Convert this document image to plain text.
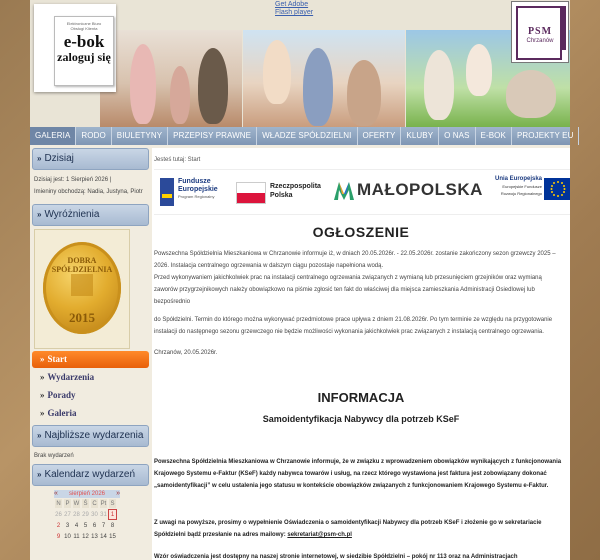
Get Adobe
Flash player
Elektroniczne Biuro
Obsługi Klienta
e-bok
zaloguj się
PSM
Chrzanów
GALERIA	RODO	BIULETYNY	PRZEPISY PRAWNE	WŁADZE SPÓŁDZIELNI	OFERTY	KLUBY	O NAS	E-BOK	PROJEKTY EU
» Dzisiaj
Dzisiaj jest: 1 Sierpień 2026 |
Imieniny obchodzą: Nadia, Justyna, Piotr
» Wyróżnienia
DOBRA SPÓŁDZIELNIA
2015
» Start
» Wydarzenia
» Porady
» Galeria
» Najbliższe wydarzenia
Brak wydarzeń
» Kalendarz wydarzeń
« sierpień 2026 »
N P W Ś C Pt S
26 27 28 29 30 31 1
2 3 4 5 6 7 8
9 10 11 12 13 14 15
Jesteś tutaj: Start
Fundusze
Europejskie
Program Regionalny
Rzeczpospolita
Polska	MAŁOPOLSKA
Unia Europejska
Europejskie Fundusze
Rozwoju Regionalnego
OGŁOSZENIE
Powszechna Spółdzielnia Mieszkaniowa w Chrzanowie informuje iż, w dniach 20.05.2026r. - 22.05.2026r. zostanie zakończony sezon grzewczy 2025 – 2026. Instalacja centralnego ogrzewania w dalszym ciągu pozostaje napełniona wodą.
Przed wykonywaniem jakichkolwiek prac na instalacji centralnego ogrzewania związanych z wymianą lub przesunięciem grzejników oraz wymianą zaworów przygrzejnikowych należy obowiązkowo na piśmie zgłosić ten fakt do właściwej dla miejsca zamieszkania Administracji Osiedlowej lub bezpośrednio
do Spółdzielni. Termin do którego można wykonywać przedmiotowe prace upływa z dniem 21.08.2026r. Po tym terminie ze względu na przygotowanie instalacji do następnego sezonu grzewczego nie będzie możliwości wykonania jakichkolwiek prac związanych z instalacją centralnego ogrzewania.
Chrzanów, 20.05.2026r.
INFORMACJA
Samoidentyfikacja Nabywcy dla potrzeb KSeF
Powszechna Spółdzielnia Mieszkaniowa w Chrzanowie informuje, że w związku z wprowadzeniem obowiązków wynikających z funkcjonowania Krajowego Systemu e-Faktur (KSeF) każdy nabywca towarów i usług, na rzecz którego wystawiona jest faktura jest zobowiązany dokonać „samoidentyfikacji” w celu ustalenia jego statusu w kontekście obowiązków związanych z funkcjonowaniem Krajowego Systemu e-Faktur.
Z uwagi na powyższe, prosimy o wypełnienie Oświadczenia o samoidentyfikacji Nabywcy dla potrzeb KSeF i złożenie go w sekretariacie Spółdzielni bądź przesłanie na adres mailowy: sekretariat@psm-ch.pl
Wzór oświadczenia jest dostępny na naszej stronie internetowej, w siedzibie Spółdzielni – pokój nr 113 oraz na Administracjach
